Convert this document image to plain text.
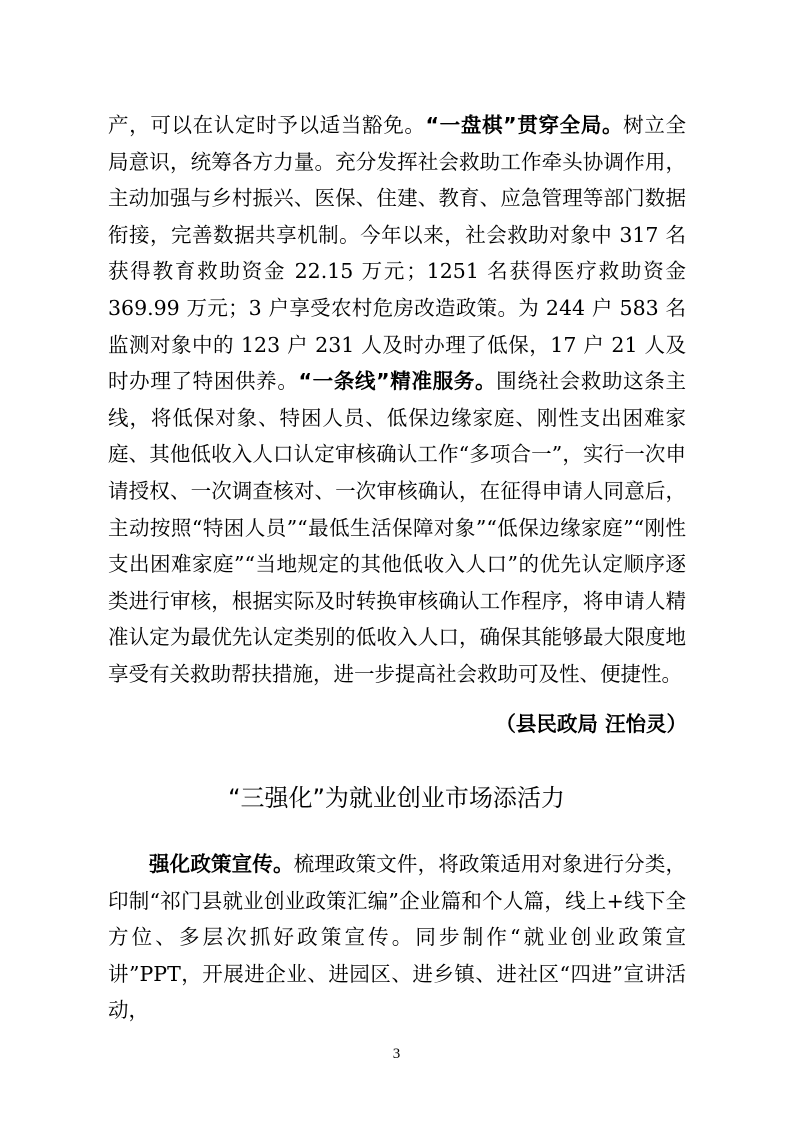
产，可以在认定时予以适当豁免。“一盘棋”贯穿全局。树立全局意识，统筹各方力量。充分发挥社会救助工作牵头协调作用，主动加强与乡村振兴、医保、住建、教育、应急管理等部门数据衔接，完善数据共享机制。今年以来，社会救助对象中 317 名获得教育救助资金 22.15 万元；1251 名获得医疗救助资金 369.99 万元；3 户享受农村危房改造政策。为 244 户 583 名监测对象中的 123 户 231 人及时办理了低保，17 户 21 人及时办理了特困供养。“一条线”精准服务。围绕社会救助这条主线，将低保对象、特困人员、低保边缘家庭、刚性支出困难家庭、其他低收入人口认定审核确认工作“多项合一”，实行一次申请授权、一次调查核对、一次审核确认，在征得申请人同意后，主动按照“特困人员”“最低生活保障对象”“低保边缘家庭”“刚性支出困难家庭”“当地规定的其他低收入人口”的优先认定顺序逐类进行审核，根据实际及时转换审核确认工作程序，将申请人精准认定为最优先认定类别的低收入人口，确保其能够最大限度地享受有关救助帮扶措施，进一步提高社会救助可及性、便捷性。

（县民政局 汪怡灵）
“三强化”为就业创业市场添活力

强化政策宣传。梳理政策文件，将政策适用对象进行分类，印制“祁门县就业创业政策汇编”企业篇和个人篇，线上+线下全方位、多层次抓好政策宣传。同步制作“就业创业政策宣讲”PPT，开展进企业、进园区、进乡镇、进社区“四进”宣讲活动，

3
